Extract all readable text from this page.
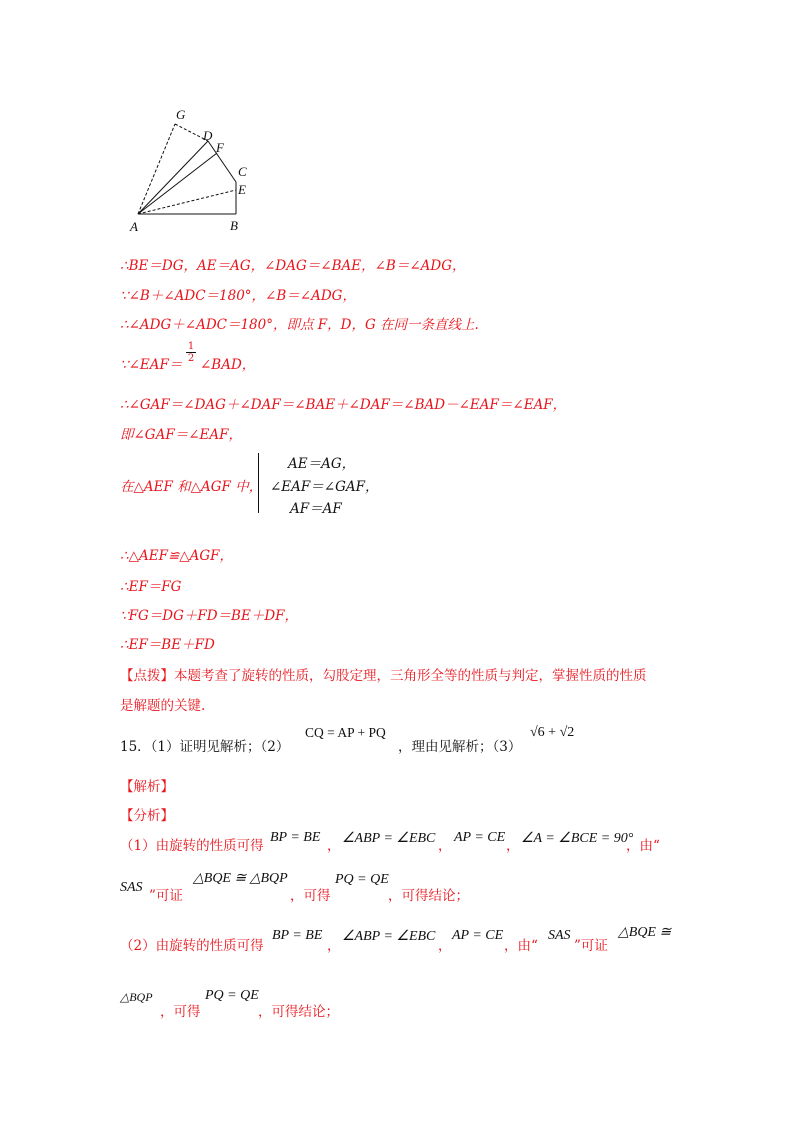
G
D
F
C
E
A	B
∴BE＝DG，AE＝AG，∠DAG＝∠BAE，∠B＝∠ADG，
∵∠B＋∠ADC＝180°，∠B＝∠ADG，
∴∠ADG＋∠ADC＝180°，即点 F，D，G 在同一条直线上.
∵∠EAF＝
1
2 ∠BAD，
∴∠GAF＝∠DAG＋∠DAF＝∠BAE＋∠DAF＝∠BAD－∠EAF＝∠EAF，
即∠GAF＝∠EAF，
在△AEF 和△AGF 中，
AE＝AG，
∠EAF＝∠GAF，
AF＝AF
∴△AEF≌△AGF，
∴EF＝FG
∵FG＝DG＋FD＝BE＋DF，
∴EF＝BE＋FD
【点拨】本题考查了旋转的性质，勾股定理，三角形全等的性质与判定，掌握性质的性质
是解题的关键.
15．（1）证明见解析；（2）
CQ = AP + PQ
，理由见解析；（3）
√6 + √2
【解析】
【分析】
（1）由旋转的性质可得
BP = BE
， ∠ABP = ∠EBC ，
AP = CE
， ∠A = ∠BCE = 90°
，由“
SAS
”可证
△BQE ≅ △BQP
，可得
PQ = QE
，可得结论；
（2）由旋转的性质可得
BP = BE
，
∠ABP = ∠EBC
，
AP = CE
，由“
SAS
”可证
△BQE ≅
△BQP
，可得
PQ = QE
，可得结论；
